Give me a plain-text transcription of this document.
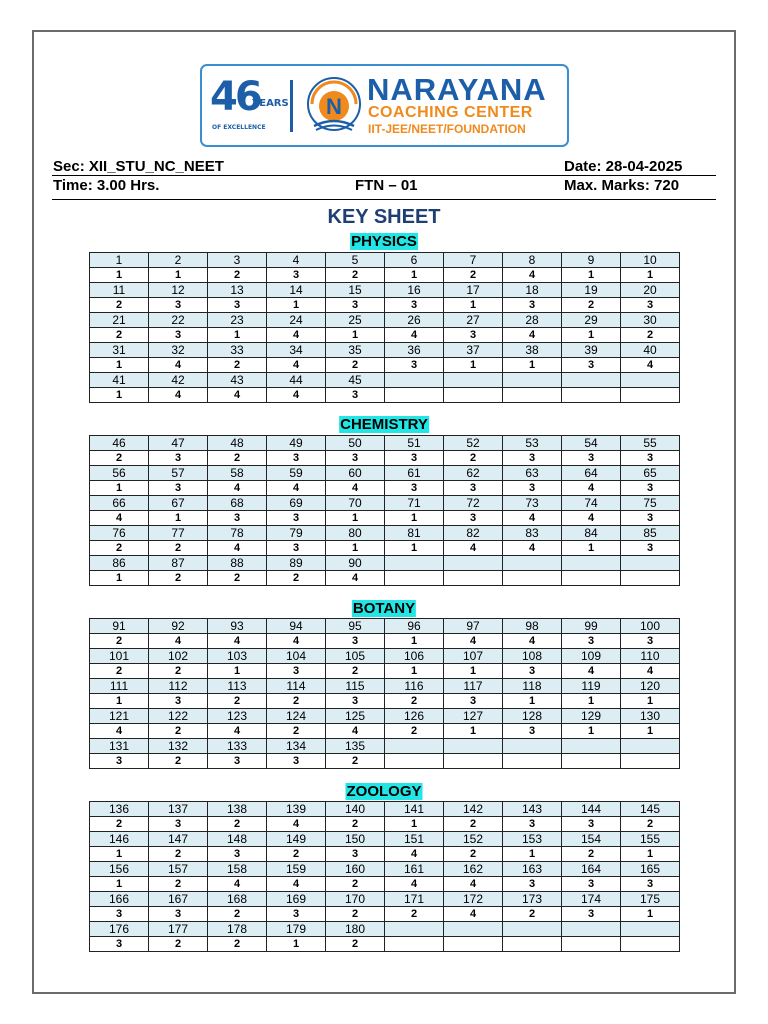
46
YEARS
OF EXCELLENCE
N NARAYANA
COACHING CENTER
IIT-JEE/NEET/FOUNDATION
Sec: XII_STU_NC_NEET	Date: 28-04-2025
Time: 3.00 Hrs.	FTN – 01	Max. Marks: 720
KEY SHEET
PHYSICS
1	2	3	4	5	6	7	8	9	10
1	1	2	3	2	1	2	4	1	1
11	12	13	14	15	16	17	18	19	20
2	3	3	1	3	3	1	3	2	3
21	22	23	24	25	26	27	28	29	30
2	3	1	4	1	4	3	4	1	2
31	32	33	34	35	36	37	38	39	40
1	4	2	4	2	3	1	1	3	4
41	42	43	44	45					
1	4	4	4	3					
CHEMISTRY
46	47	48	49	50	51	52	53	54	55
2	3	2	3	3	3	2	3	3	3
56	57	58	59	60	61	62	63	64	65
1	3	4	4	4	3	3	3	4	3
66	67	68	69	70	71	72	73	74	75
4	1	3	3	1	1	3	4	4	3
76	77	78	79	80	81	82	83	84	85
2	2	4	3	1	1	4	4	1	3
86	87	88	89	90					
1	2	2	2	4					
BOTANY
91	92	93	94	95	96	97	98	99	100
2	4	4	4	3	1	4	4	3	3
101	102	103	104	105	106	107	108	109	110
2	2	1	3	2	1	1	3	4	4
111	112	113	114	115	116	117	118	119	120
1	3	2	2	3	2	3	1	1	1
121	122	123	124	125	126	127	128	129	130
4	2	4	2	4	2	1	3	1	1
131	132	133	134	135					
3	2	3	3	2					
ZOOLOGY
136	137	138	139	140	141	142	143	144	145
2	3	2	4	2	1	2	3	3	2
146	147	148	149	150	151	152	153	154	155
1	2	3	2	3	4	2	1	2	1
156	157	158	159	160	161	162	163	164	165
1	2	4	4	2	4	4	3	3	3
166	167	168	169	170	171	172	173	174	175
3	3	2	3	2	2	4	2	3	1
176	177	178	179	180					
3	2	2	1	2					
